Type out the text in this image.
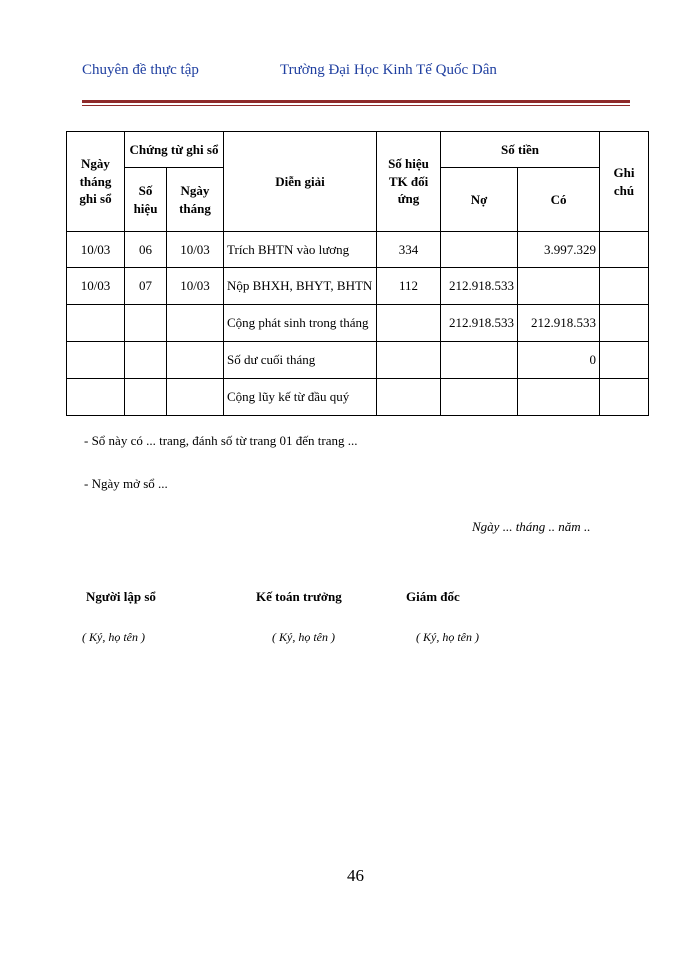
Chuyên đề thực tập	Trường Đại Học Kinh Tế Quốc Dân
Ngày tháng ghi sổ	Chứng từ ghi sổ		Diễn giải	Số hiệu TK đối ứng	Số tiền		Ghi chú
	Số hiệu	Ngày tháng			Nợ	Có	
10/03	06	10/03	Trích BHTN vào lương	334		3.997.329	
10/03	07	10/03	Nộp BHXH, BHYT, BHTN	112	212.918.533		
			Cộng phát sinh trong tháng		212.918.533	212.918.533	
			Số dư cuối tháng			0	
			Cộng lũy kế từ đầu quý				
- Sổ này có ... trang, đánh số từ trang 01 đến trang ...
- Ngày mở sổ ...
Ngày ... tháng .. năm ..
Người lập sổ	Kế toán trưởng	Giám đốc
( Ký, họ tên )	( Ký, họ tên )	( Ký, họ tên )
46
